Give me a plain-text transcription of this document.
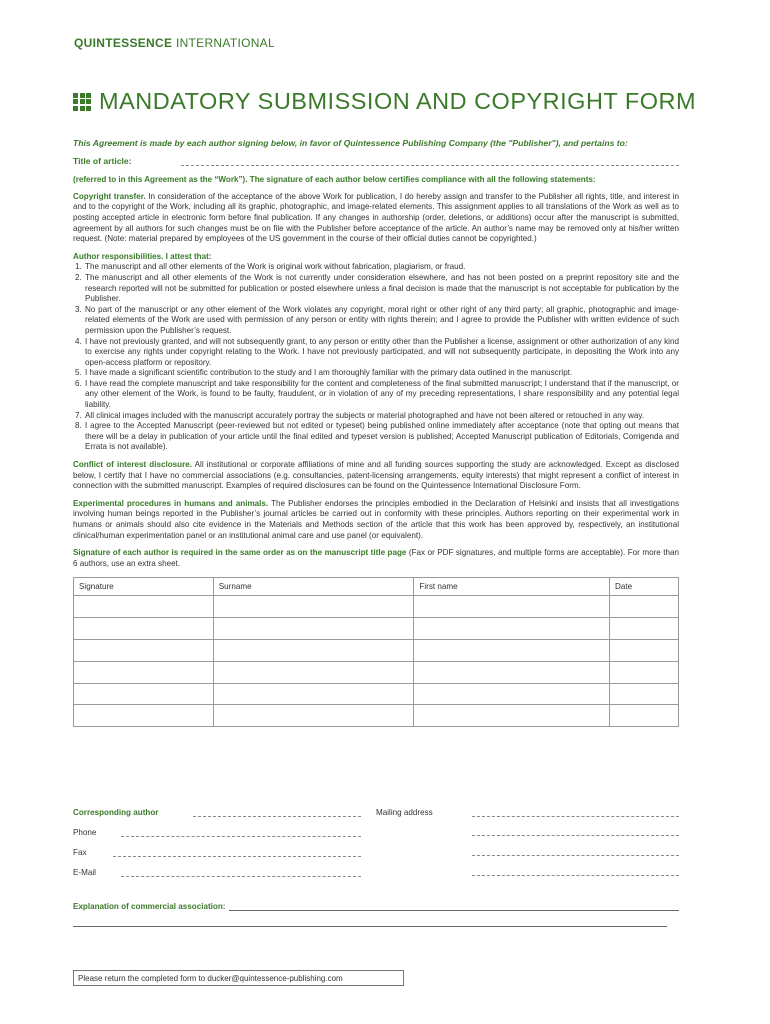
QUINTESSENCE INTERNATIONAL
MANDATORY SUBMISSION AND COPYRIGHT FORM
This Agreement is made by each author signing below, in favor of Quintessence Publishing Company (the "Publisher"), and pertains to:
Title of article:
(referred to in this Agreement as the “Work”). The signature of each author below certifies compliance with all the following statements:
Copyright transfer. In consideration of the acceptance of the above Work for publication, I do hereby assign and transfer to the Publisher all rights, title, and interest in and to the copyright of the Work, including all its graphic, photographic, and image-related elements. This assignment applies to all translations of the Work as well as to posting accepted article in electronic form before final publication. If any changes in authorship (order, deletions, or additions) occur after the manuscript is submitted, agreement by all authors for such changes must be on file with the Publisher before acceptance of the article. An author’s name may be removed only at his/her written request. (Note: material prepared by employees of the US government in the course of their official duties cannot be copyrighted.)
Author responsibilities. I attest that:
1. The manuscript and all other elements of the Work is original work without fabrication, plagiarism, or fraud.
2. The manuscript and all other elements of the Work is not currently under consideration elsewhere, and has not been posted on a preprint repository site and the research reported will not be submitted for publication or posted elsewhere unless a final decision is made that the manuscript is not acceptable for publication by the Publisher.
3. No part of the manuscript or any other element of the Work violates any copyright, moral right or other right of any third party; all graphic, photographic and image-related elements of the Work are used with permission of any person or entity with rights therein; and I agree to provide the Publisher with written evidence of such permission upon the Publisher’s request.
4. I have not previously granted, and will not subsequently grant, to any person or entity other than the Publisher a license, assignment or other authorization of any kind to exercise any rights under copyright relating to the Work. I have not previously participated, and will not subsequently participate, in depositing the Work into any open-access platform or repository.
5. I have made a significant scientific contribution to the study and I am thoroughly familiar with the primary data outlined in the manuscript.
6. I have read the complete manuscript and take responsibility for the content and completeness of the final submitted manuscript; I understand that if the manuscript, or any other element of the Work, is found to be faulty, fraudulent, or in violation of any of my preceding representations, I share responsibility and any potential legal liability.
7. All clinical images included with the manuscript accurately portray the subjects or material photographed and have not been altered or retouched in any way.
8. I agree to the Accepted Manuscript (peer-reviewed but not edited or typeset) being published online immediately after acceptance (note that opting out means that there will be a delay in publication of your article until the final edited and typeset version is published; Accepted Manuscript publication of Editorials, Corrigenda and Errata is not available).
Conflict of interest disclosure. All institutional or corporate affiliations of mine and all funding sources supporting the study are acknowledged. Except as disclosed below, I certify that I have no commercial associations (e.g. consultancies, patent-licensing arrangements, equity interests) that might represent a conflict of interest in connection with the submitted manuscript. Examples of required disclosures can be found on the Quintessence International Disclosure Form.
Experimental procedures in humans and animals. The Publisher endorses the principles embodied in the Declaration of Helsinki and insists that all investigations involving human beings reported in the Publisher’s journal articles be carried out in conformity with these principles. Authors reporting on their experimental work in humans or animals should also cite evidence in the Materials and Methods section of the article that this work has been approved by, respectively, an institutional clinical/human experimentation panel or an institutional animal care and use panel (or equivalent).
Signature of each author is required in the same order as on the manuscript title page (Fax or PDF signatures, and multiple forms are acceptable). For more than 6 authors, use an extra sheet.
Signature	Surname	First name	Date

Corresponding author	Mailing address
Phone
Fax
E-Mail
Explanation of commercial association:
Please return the completed form to ducker@quintessence-publishing.com
